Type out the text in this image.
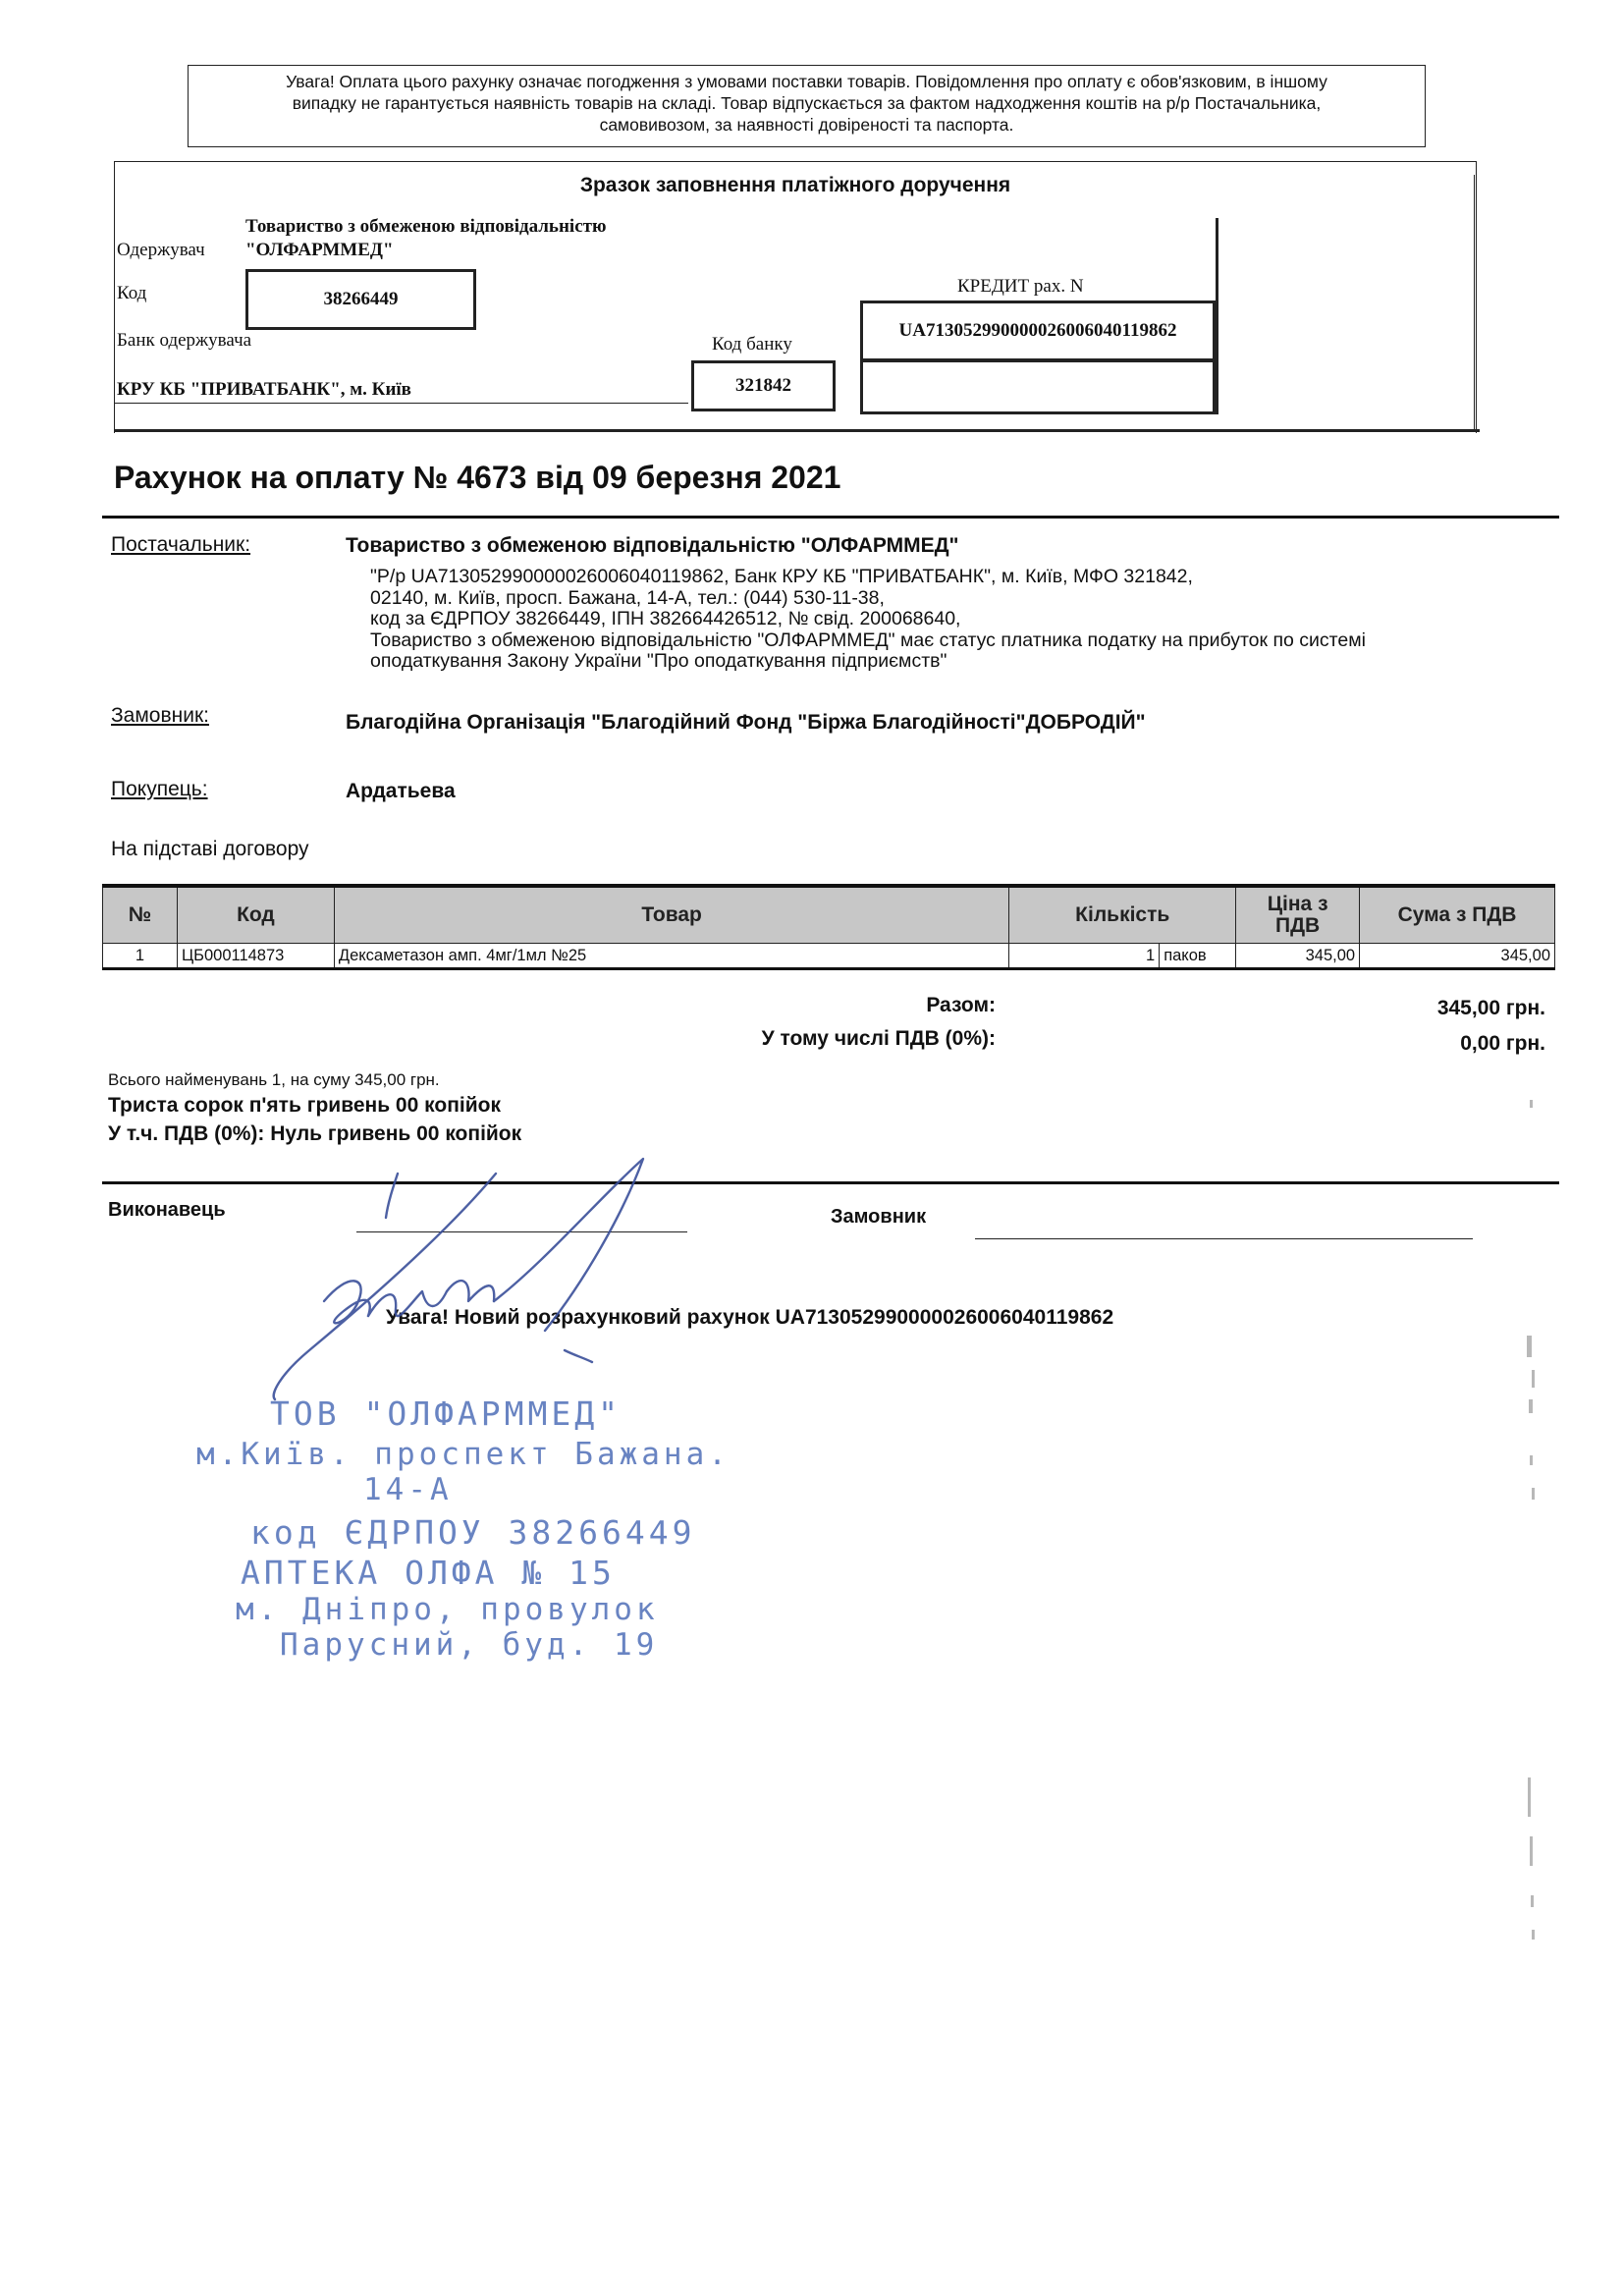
Увага! Оплата цього рахунку означає погодження з умовами поставки товарів. Повідомлення про оплату є обов'язковим, в іншому
випадку не гарантується наявність товарів на складі. Товар відпускається за фактом надходження коштів на р/р Постачальника,
самовивозом, за наявності довіреності та паспорта.
Зразок заповнення платіжного доручення
Товариство з обмеженою відповідальністю
Одержувач "ОЛФАРММЕД"
Код	38266449
Банк одержувача	Код банку
321842
КРУ КБ "ПРИВАТБАНК", м. Київ
КРЕДИТ рах. N
UA713052990000026006040119862
Рахунок на оплату № 4673 від 09 березня 2021
Постачальник:	Товариство з обмеженою відповідальністю "ОЛФАРММЕД"
"Р/р UA713052990000026006040119862, Банк КРУ КБ "ПРИВАТБАНК", м. Київ, МФО 321842,
02140, м. Київ, просп. Бажана, 14-А, тел.: (044) 530-11-38,
код за ЄДРПОУ 38266449, ІПН 382664426512, № свід. 200068640,
Товариство з обмеженою відповідальністю "ОЛФАРММЕД" має статус платника податку на прибуток по системі
оподаткування Закону України "Про оподаткування підприємств"
Замовник:	Благодійна Організація "Благодійний Фонд "Біржа Благодійності"ДОБРОДІЙ"
Покупець:	Ардатьева
На підставі договору
№	Код	Товар	Кількість		Ціна з
ПДВ	Сума з ПДВ
1	ЦБ000114873	Дексаметазон амп. 4мг/1мл №25	1	паков	345,00	345,00
Разом:	345,00 грн.
У тому числі ПДВ (0%):	0,00 грн.
Всього найменувань 1, на суму 345,00 грн.
Триста сорок п'ять гривень 00 копійок
У т.ч. ПДВ (0%): Нуль гривень 00 копійок
Виконавець	Замовник
Увага! Новий розрахунковий рахунок UA713052990000026006040119862
ТОВ "ОЛФАРММЕД"
м.Київ. проспект Бажана.
14-А
код ЄДРПОУ 38266449
АПТЕКА ОЛФА № 15
м. Дніпро, провулок
Парусний, буд. 19
